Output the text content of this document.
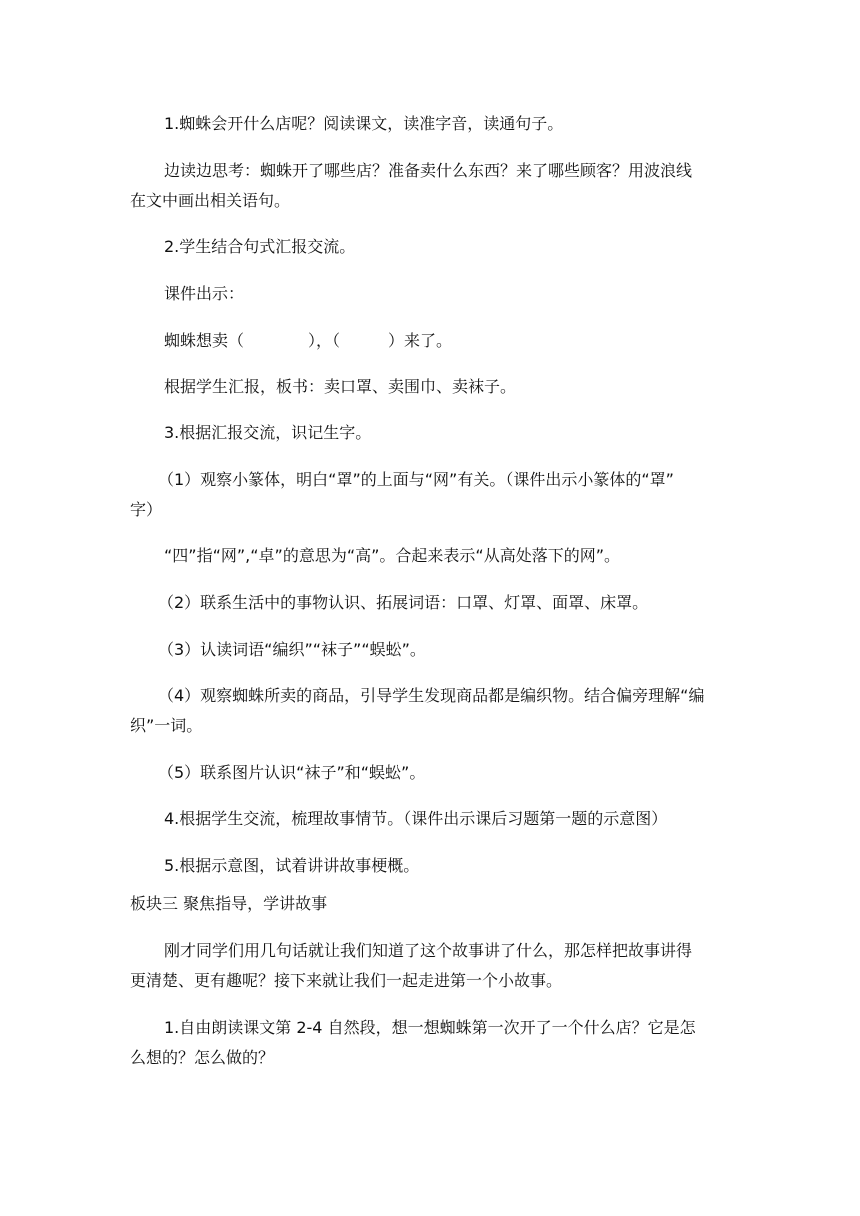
1.蜘蛛会开什么店呢？阅读课文，读准字音，读通句子。
边读边思考：蜘蛛开了哪些店？准备卖什么东西？来了哪些顾客？用波浪线
在文中画出相关语句。
2.学生结合句式汇报交流。
课件出示：
蜘蛛想卖（　　　　），（　　　）来了。
根据学生汇报，板书：卖口罩、卖围巾、卖袜子。
3.根据汇报交流，识记生字。
（1）观察小篆体，明白“罩”的上面与“网”有关。（课件出示小篆体的“罩”
字）
“四”指“网”,“卓”的意思为“高”。合起来表示“从高处落下的网”。
（2）联系生活中的事物认识、拓展词语：口罩、灯罩、面罩、床罩。
（3）认读词语“编织”“袜子”“蜈蚣”。
（4）观察蜘蛛所卖的商品，引导学生发现商品都是编织物。结合偏旁理解“编
织”一词。
（5）联系图片认识“袜子”和“蜈蚣”。
4.根据学生交流，梳理故事情节。（课件出示课后习题第一题的示意图）
5.根据示意图，试着讲讲故事梗概。
板块三 聚焦指导，学讲故事
刚才同学们用几句话就让我们知道了这个故事讲了什么，那怎样把故事讲得
更清楚、更有趣呢？接下来就让我们一起走进第一个小故事。
1.自由朗读课文第 2-4 自然段，想一想蜘蛛第一次开了一个什么店？它是怎
么想的？怎么做的？
